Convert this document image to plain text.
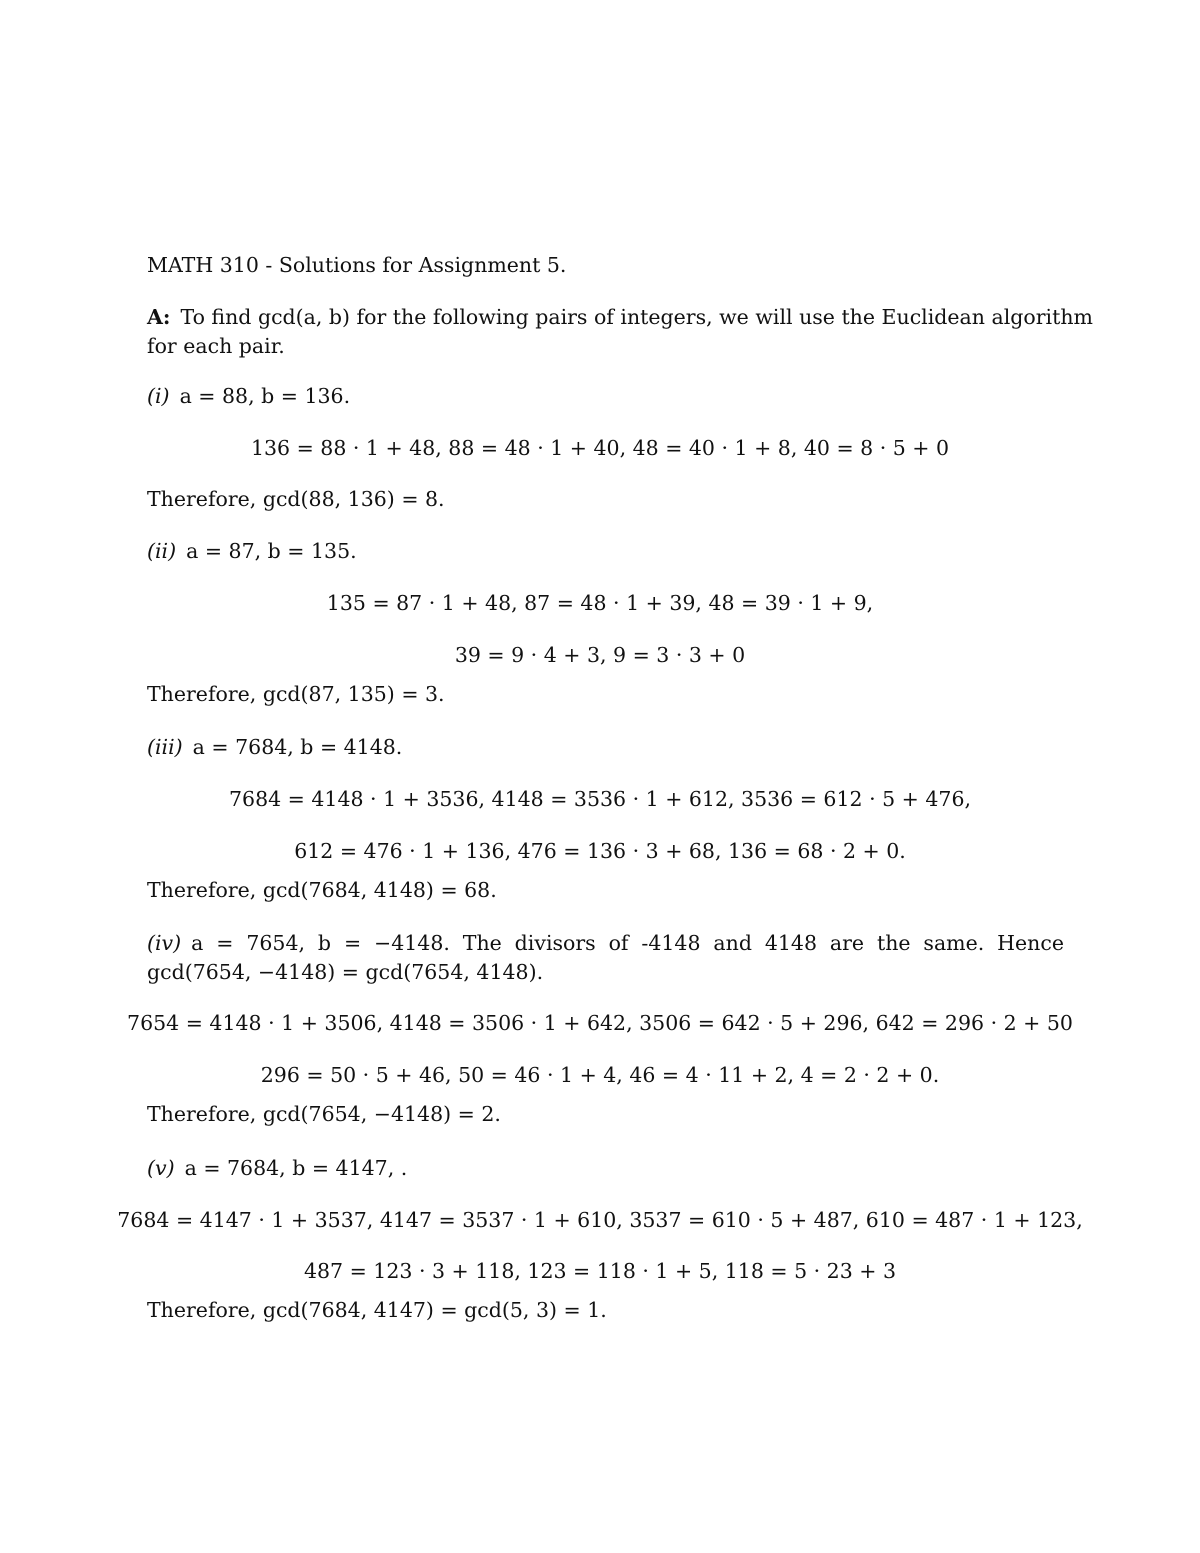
MATH 310 - Solutions for Assignment 5.
A: To find gcd(a, b) for the following pairs of integers, we will use the Euclidean algorithm
for each pair.
(i) a = 88, b = 136.
136 = 88 · 1 + 48, 88 = 48 · 1 + 40, 48 = 40 · 1 + 8, 40 = 8 · 5 + 0
Therefore, gcd(88, 136) = 8.
(ii) a = 87, b = 135.
135 = 87 · 1 + 48, 87 = 48 · 1 + 39, 48 = 39 · 1 + 9,
39 = 9 · 4 + 3, 9 = 3 · 3 + 0
Therefore, gcd(87, 135) = 3.
(iii) a = 7684, b = 4148.
7684 = 4148 · 1 + 3536, 4148 = 3536 · 1 + 612, 3536 = 612 · 5 + 476,
612 = 476 · 1 + 136, 476 = 136 · 3 + 68, 136 = 68 · 2 + 0.
Therefore, gcd(7684, 4148) = 68.
(iv) a = 7654, b = −4148. The divisors of -4148 and 4148 are the same. Hence
gcd(7654, −4148) = gcd(7654, 4148).
7654 = 4148 · 1 + 3506, 4148 = 3506 · 1 + 642, 3506 = 642 · 5 + 296, 642 = 296 · 2 + 50
296 = 50 · 5 + 46, 50 = 46 · 1 + 4, 46 = 4 · 11 + 2, 4 = 2 · 2 + 0.
Therefore, gcd(7654, −4148) = 2.
(v) a = 7684, b = 4147, .
7684 = 4147 · 1 + 3537, 4147 = 3537 · 1 + 610, 3537 = 610 · 5 + 487, 610 = 487 · 1 + 123,
487 = 123 · 3 + 118, 123 = 118 · 1 + 5, 118 = 5 · 23 + 3
Therefore, gcd(7684, 4147) = gcd(5, 3) = 1.
